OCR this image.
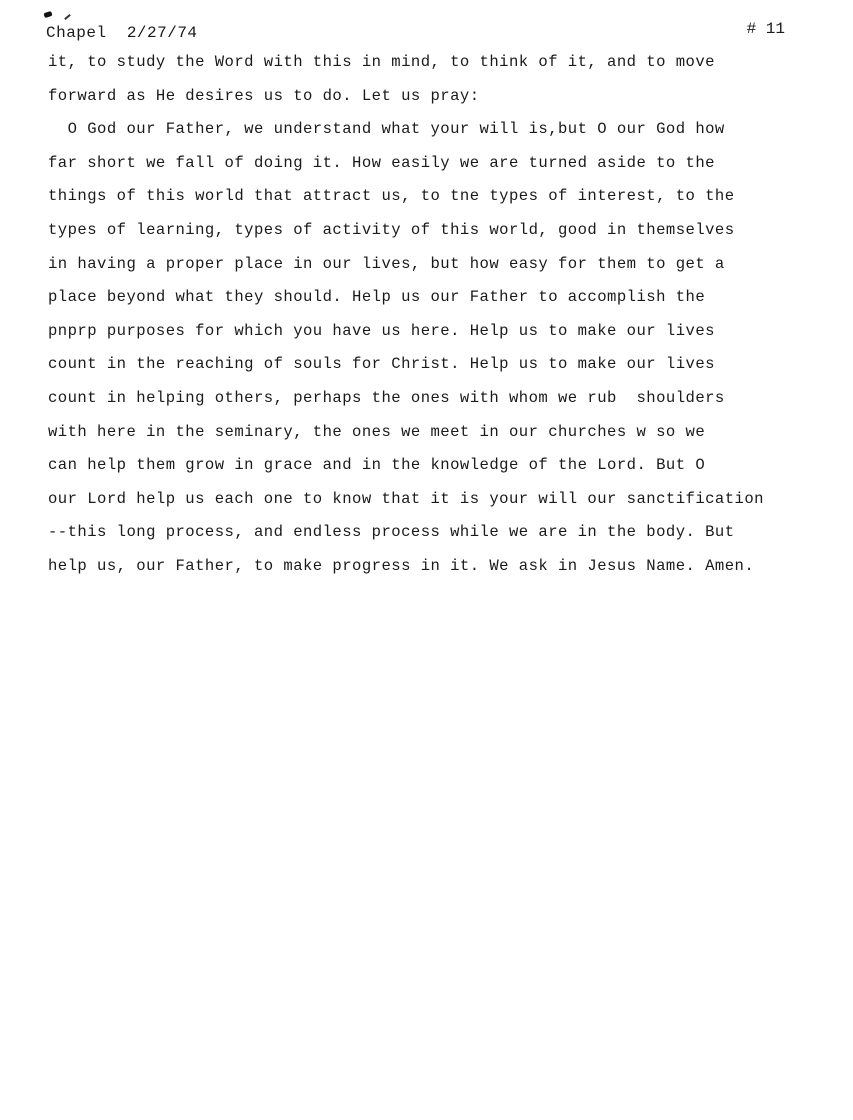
Chapel  2/27/74	# 11
it, to study the Word with this in mind, to think of it, and to move
forward as He desires us to do. Let us pray:
O God our Father, we understand what your will is,but O our God how
far short we fall of doing it. How easily we are turned aside to the
things of this world that attract us, to tne types of interest, to the
types of learning, types of activity of this world, good in themselves
in having a proper place in our lives, but how easy for them to get a
place beyond what they should. Help us our Father to accomplish the
pnprp purposes for which you have us here. Help us to make our lives
count in the reaching of souls for Christ. Help us to make our lives
count in helping others, perhaps the ones with whom we rub  shoulders
with here in the seminary, the ones we meet in our churches w so we
can help them grow in grace and in the knowledge of the Lord. But O
our Lord help us each one to know that it is your will our sanctification
--this long process, and endless process while we are in the body. But
help us, our Father, to make progress in it. We ask in Jesus Name. Amen.
